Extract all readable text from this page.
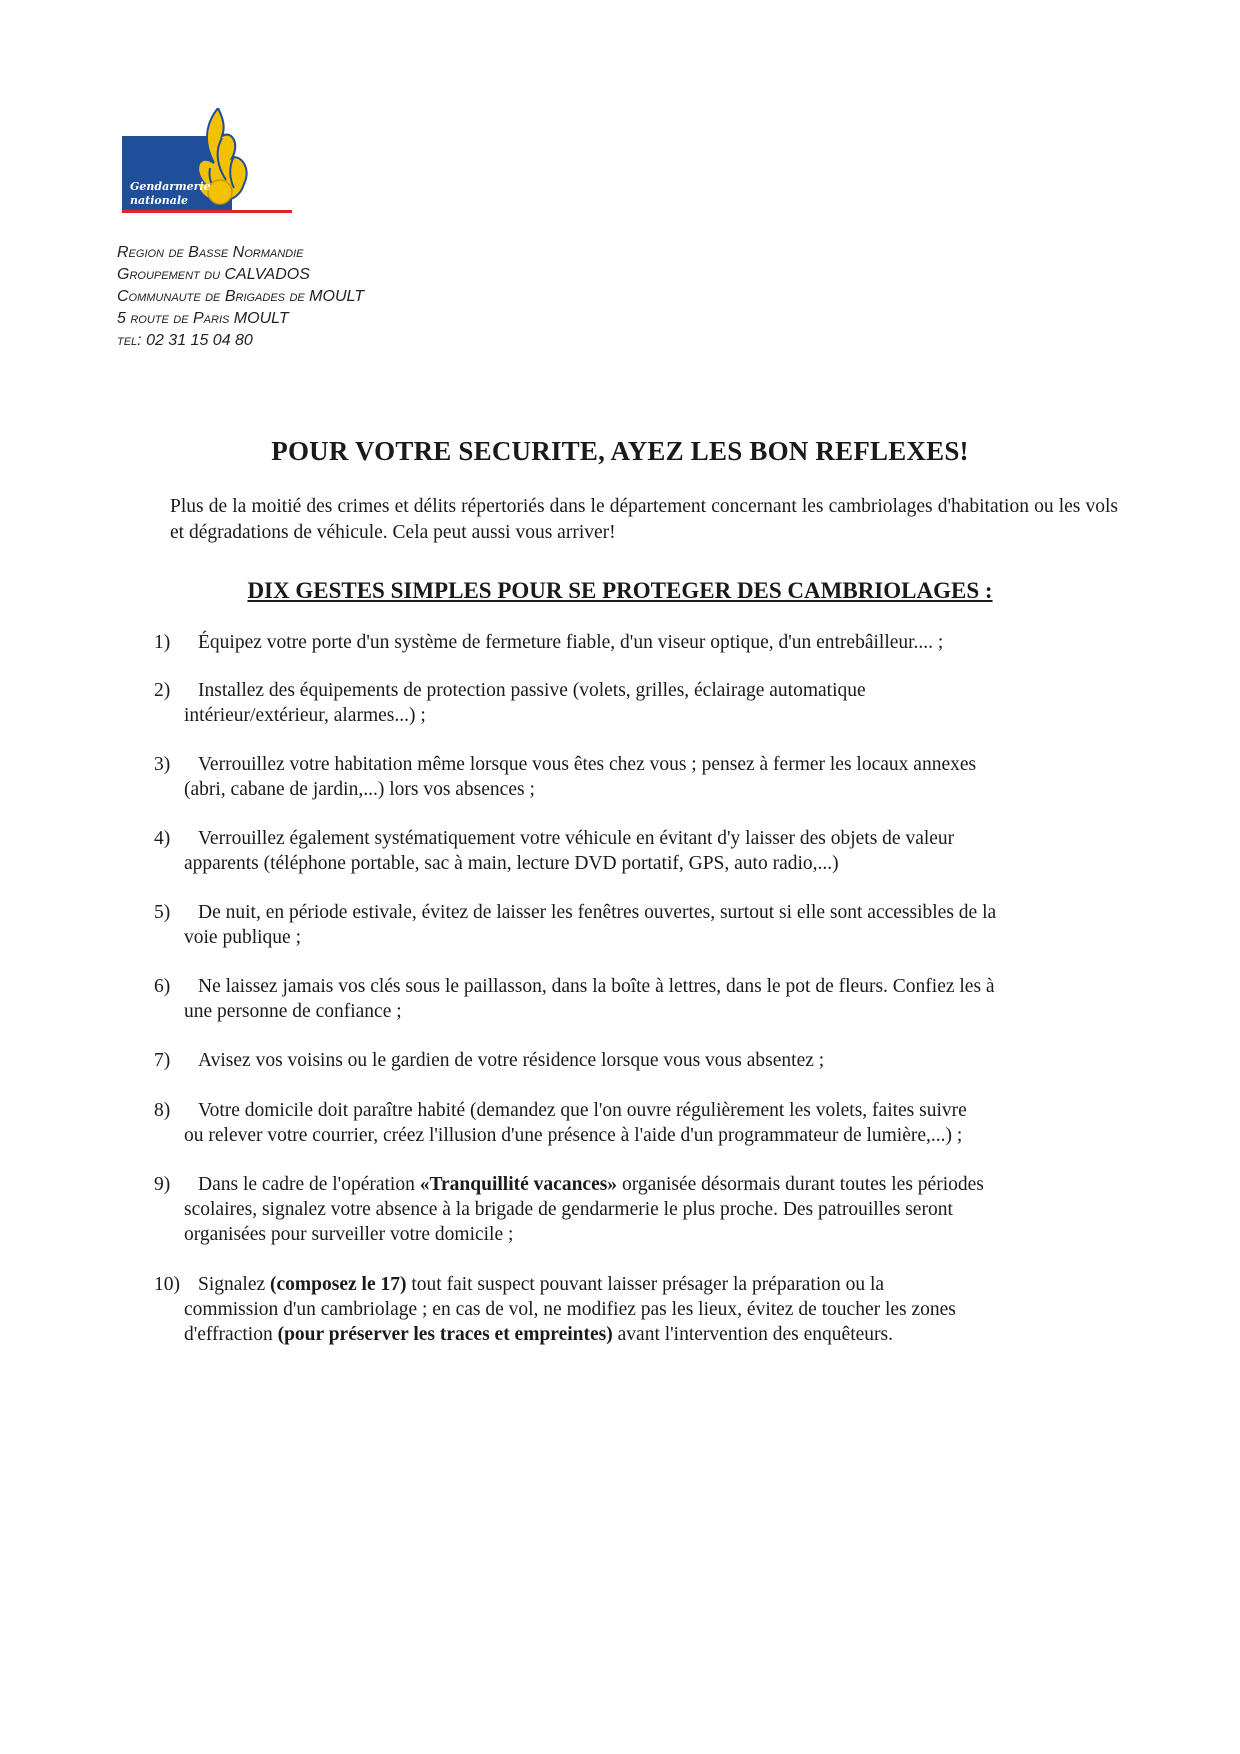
Gendarmerie
nationale
Region de Basse Normandie
Groupement du CALVADOS
Communaute de Brigades de MOULT
5 route de Paris MOULT
tel: 02 31 15 04 80
POUR VOTRE SECURITE, AYEZ LES BON REFLEXES!
Plus de la moitié des crimes et délits répertoriés dans le département concernant les cambriolages d'habitation ou les vols et dégradations de véhicule. Cela peut aussi vous arriver!
DIX GESTES SIMPLES POUR SE PROTEGER DES CAMBRIOLAGES :
1) Équipez votre porte d'un système de fermeture fiable, d'un viseur optique, d'un entrebâilleur.... ;
2) Installez des équipements de protection passive (volets, grilles, éclairage automatique
intérieur/extérieur, alarmes...) ;
3) Verrouillez votre habitation même lorsque vous êtes chez vous ; pensez à fermer les locaux annexes
(abri, cabane de jardin,...) lors vos absences ;
4) Verrouillez également systématiquement votre véhicule en évitant d'y laisser des objets de valeur
apparents (téléphone portable, sac à main, lecture DVD portatif, GPS, auto radio,...)
5) De nuit, en période estivale, évitez de laisser les fenêtres ouvertes, surtout si elle sont accessibles de la
voie publique ;
6) Ne laissez jamais vos clés sous le paillasson, dans la boîte à lettres, dans le pot de fleurs. Confiez les à
une personne de confiance ;
7) Avisez vos voisins ou le gardien de votre résidence lorsque vous vous absentez ;
8) Votre domicile doit paraître habité (demandez que l'on ouvre régulièrement les volets, faites suivre
ou relever votre courrier, créez l'illusion d'une présence à l'aide d'un programmateur de lumière,...) ;
9) Dans le cadre de l'opération «Tranquillité vacances» organisée désormais durant toutes les périodes
scolaires, signalez votre absence à la brigade de gendarmerie le plus proche. Des patrouilles seront
organisées pour surveiller votre domicile ;
10) Signalez (composez le 17) tout fait suspect pouvant laisser présager la préparation ou la
commission d'un cambriolage ; en cas de vol, ne modifiez pas les lieux, évitez de toucher les zones
d'effraction (pour préserver les traces et empreintes) avant l'intervention des enquêteurs.
